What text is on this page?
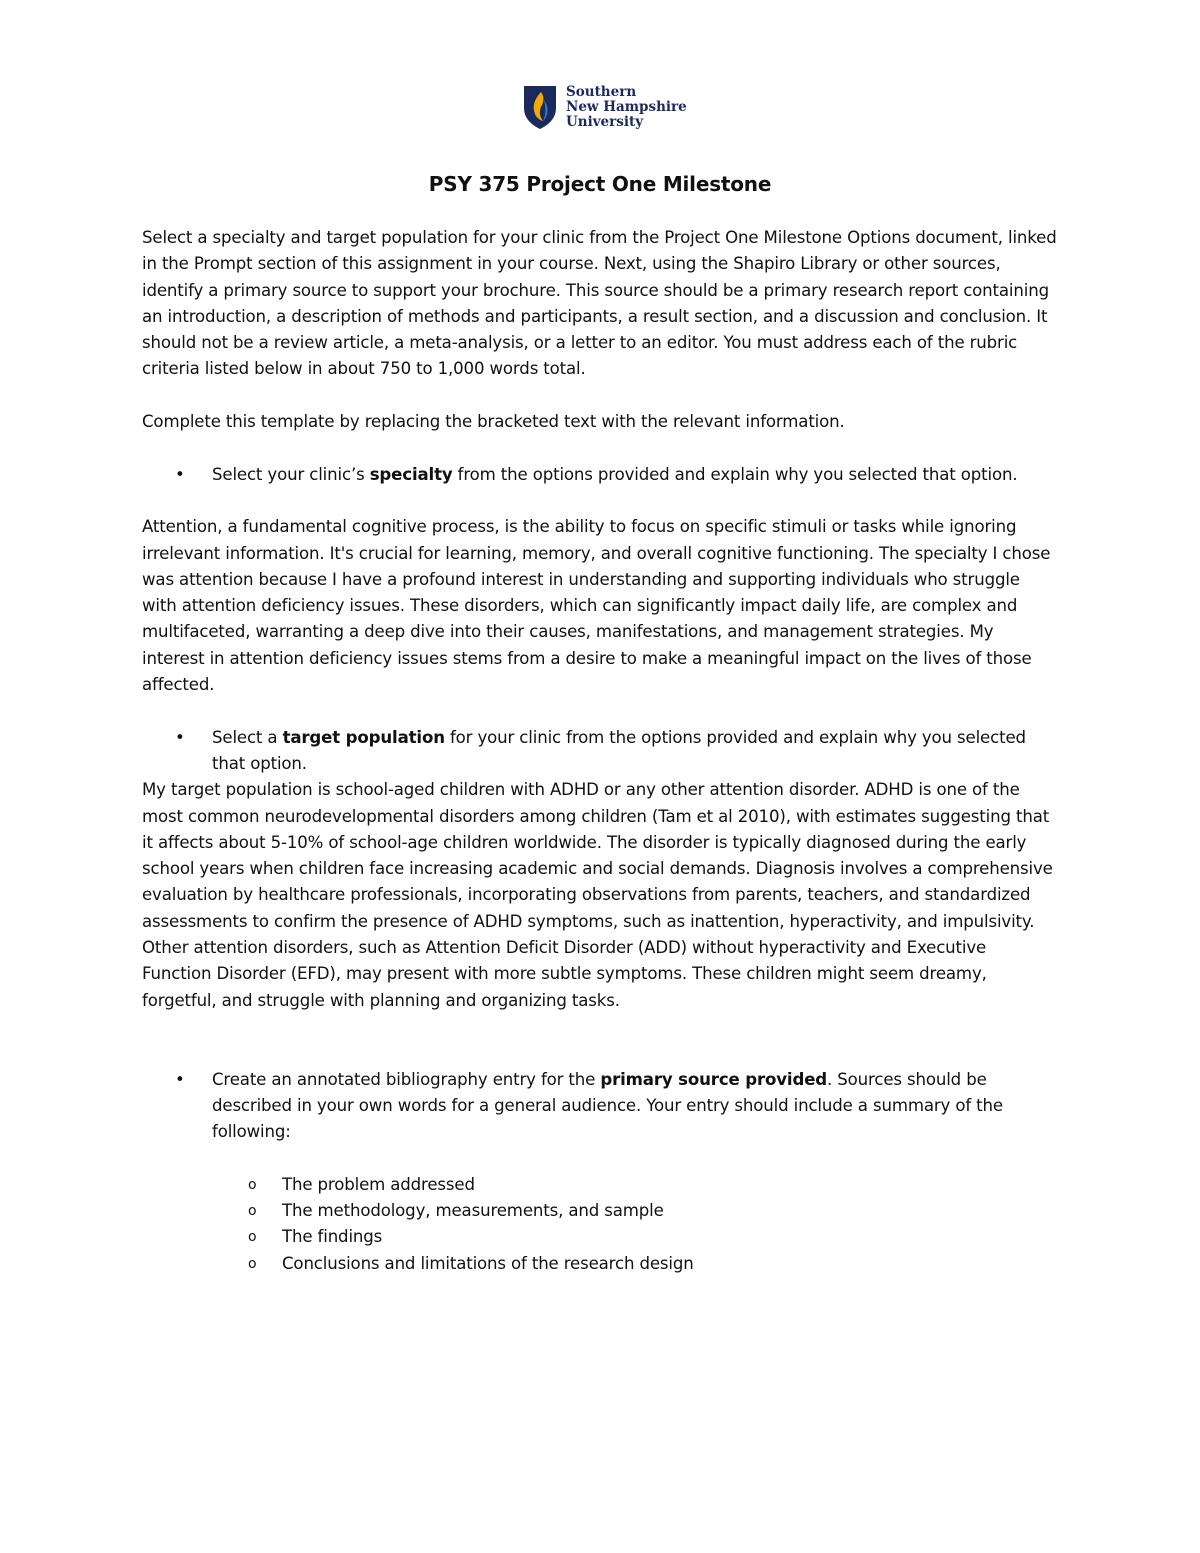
Southern
New Hampshire
University
PSY 375 Project One Milestone

Select a specialty and target population for your clinic from the Project One Milestone Options document, linked in the Prompt section of this assignment in your course. Next, using the Shapiro Library or other sources, identify a primary source to support your brochure. This source should be a primary research report containing an introduction, a description of methods and participants, a result section, and a discussion and conclusion. It should not be a review article, a meta-analysis, or a letter to an editor. You must address each of the rubric criteria listed below in about 750 to 1,000 words total.

Complete this template by replacing the bracketed text with the relevant information.

• Select your clinic’s specialty from the options provided and explain why you selected that option.

Attention, a fundamental cognitive process, is the ability to focus on specific stimuli or tasks while ignoring irrelevant information. It's crucial for learning, memory, and overall cognitive functioning. The specialty I chose was attention because I have a profound interest in understanding and supporting individuals who struggle with attention deficiency issues. These disorders, which can significantly impact daily life, are complex and multifaceted, warranting a deep dive into their causes, manifestations, and management strategies. My interest in attention deficiency issues stems from a desire to make a meaningful impact on the lives of those affected.

• Select a target population for your clinic from the options provided and explain why you selected that option.

My target population is school-aged children with ADHD or any other attention disorder. ADHD is one of the most common neurodevelopmental disorders among children (Tam et al 2010), with estimates suggesting that it affects about 5-10% of school-age children worldwide. The disorder is typically diagnosed during the early school years when children face increasing academic and social demands. Diagnosis involves a comprehensive evaluation by healthcare professionals, incorporating observations from parents, teachers, and standardized assessments to confirm the presence of ADHD symptoms, such as inattention, hyperactivity, and impulsivity. Other attention disorders, such as Attention Deficit Disorder (ADD) without hyperactivity and Executive Function Disorder (EFD), may present with more subtle symptoms. These children might seem dreamy, forgetful, and struggle with planning and organizing tasks.

• Create an annotated bibliography entry for the primary source provided. Sources should be described in your own words for a general audience. Your entry should include a summary of the following:
o The problem addressed
o The methodology, measurements, and sample
o The findings
o Conclusions and limitations of the research design
